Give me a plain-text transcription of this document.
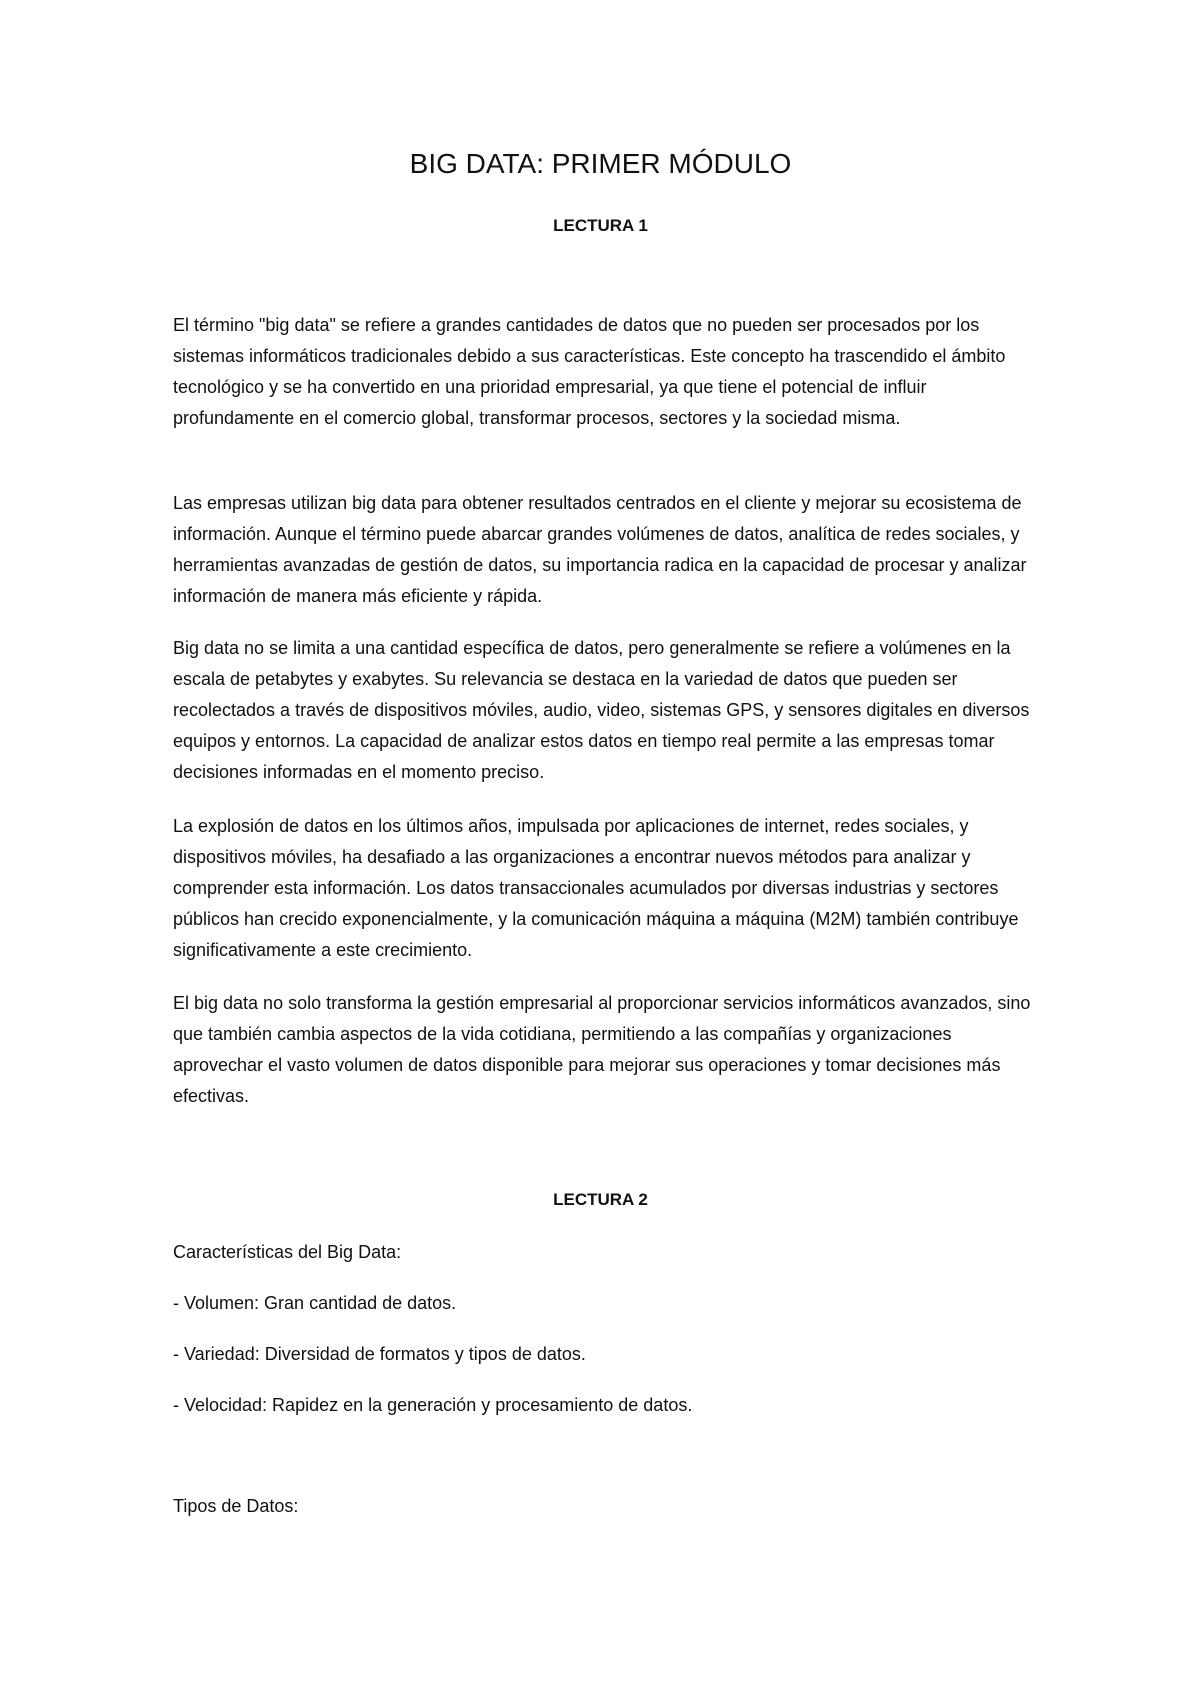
BIG DATA: PRIMER MÓDULO
LECTURA 1

El término "big data" se refiere a grandes cantidades de datos que no pueden ser procesados por los sistemas informáticos tradicionales debido a sus características. Este concepto ha trascendido el ámbito tecnológico y se ha convertido en una prioridad empresarial, ya que tiene el potencial de influir profundamente en el comercio global, transformar procesos, sectores y la sociedad misma.

Las empresas utilizan big data para obtener resultados centrados en el cliente y mejorar su ecosistema de información. Aunque el término puede abarcar grandes volúmenes de datos, analítica de redes sociales, y herramientas avanzadas de gestión de datos, su importancia radica en la capacidad de procesar y analizar información de manera más eficiente y rápida.

Big data no se limita a una cantidad específica de datos, pero generalmente se refiere a volúmenes en la escala de petabytes y exabytes. Su relevancia se destaca en la variedad de datos que pueden ser recolectados a través de dispositivos móviles, audio, video, sistemas GPS, y sensores digitales en diversos equipos y entornos. La capacidad de analizar estos datos en tiempo real permite a las empresas tomar decisiones informadas en el momento preciso.

La explosión de datos en los últimos años, impulsada por aplicaciones de internet, redes sociales, y dispositivos móviles, ha desafiado a las organizaciones a encontrar nuevos métodos para analizar y comprender esta información. Los datos transaccionales acumulados por diversas industrias y sectores públicos han crecido exponencialmente, y la comunicación máquina a máquina (M2M) también contribuye significativamente a este crecimiento.

El big data no solo transforma la gestión empresarial al proporcionar servicios informáticos avanzados, sino que también cambia aspectos de la vida cotidiana, permitiendo a las compañías y organizaciones aprovechar el vasto volumen de datos disponible para mejorar sus operaciones y tomar decisiones más efectivas.

LECTURA 2

Características del Big Data:

- Volumen: Gran cantidad de datos.

- Variedad: Diversidad de formatos y tipos de datos.

- Velocidad: Rapidez en la generación y procesamiento de datos.

Tipos de Datos:
